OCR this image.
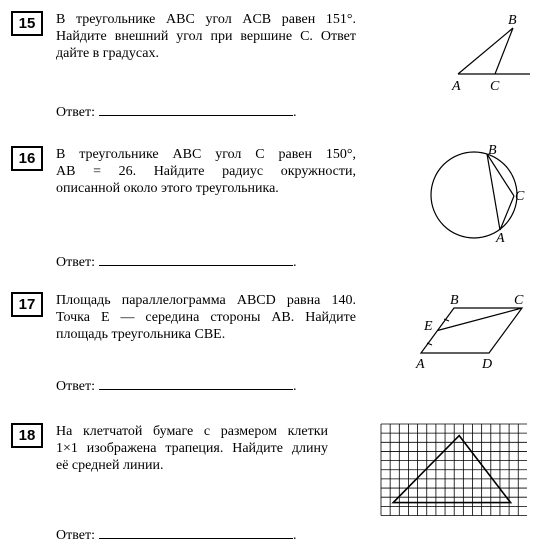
15	В треугольнике ABC угол ACB равен 151°.
Найдите внешний угол при вершине C. Ответ
дайте в градусах.
Ответ:	.
B
A C
16	В треугольнике ABC угол C равен 150°,
AB = 26. Найдите радиус окружности,
описанной около этого треугольника.
Ответ:	.
B
C
A
17	Площадь параллелограмма ABCD равна 140.
Точка E — середина стороны AB. Найдите
площадь треугольника CBE.
Ответ:	.
B	C
E
A	D
18	На клетчатой бумаге с размером клетки
1×1 изображена трапеция. Найдите длину
её средней линии.
Ответ:	.
